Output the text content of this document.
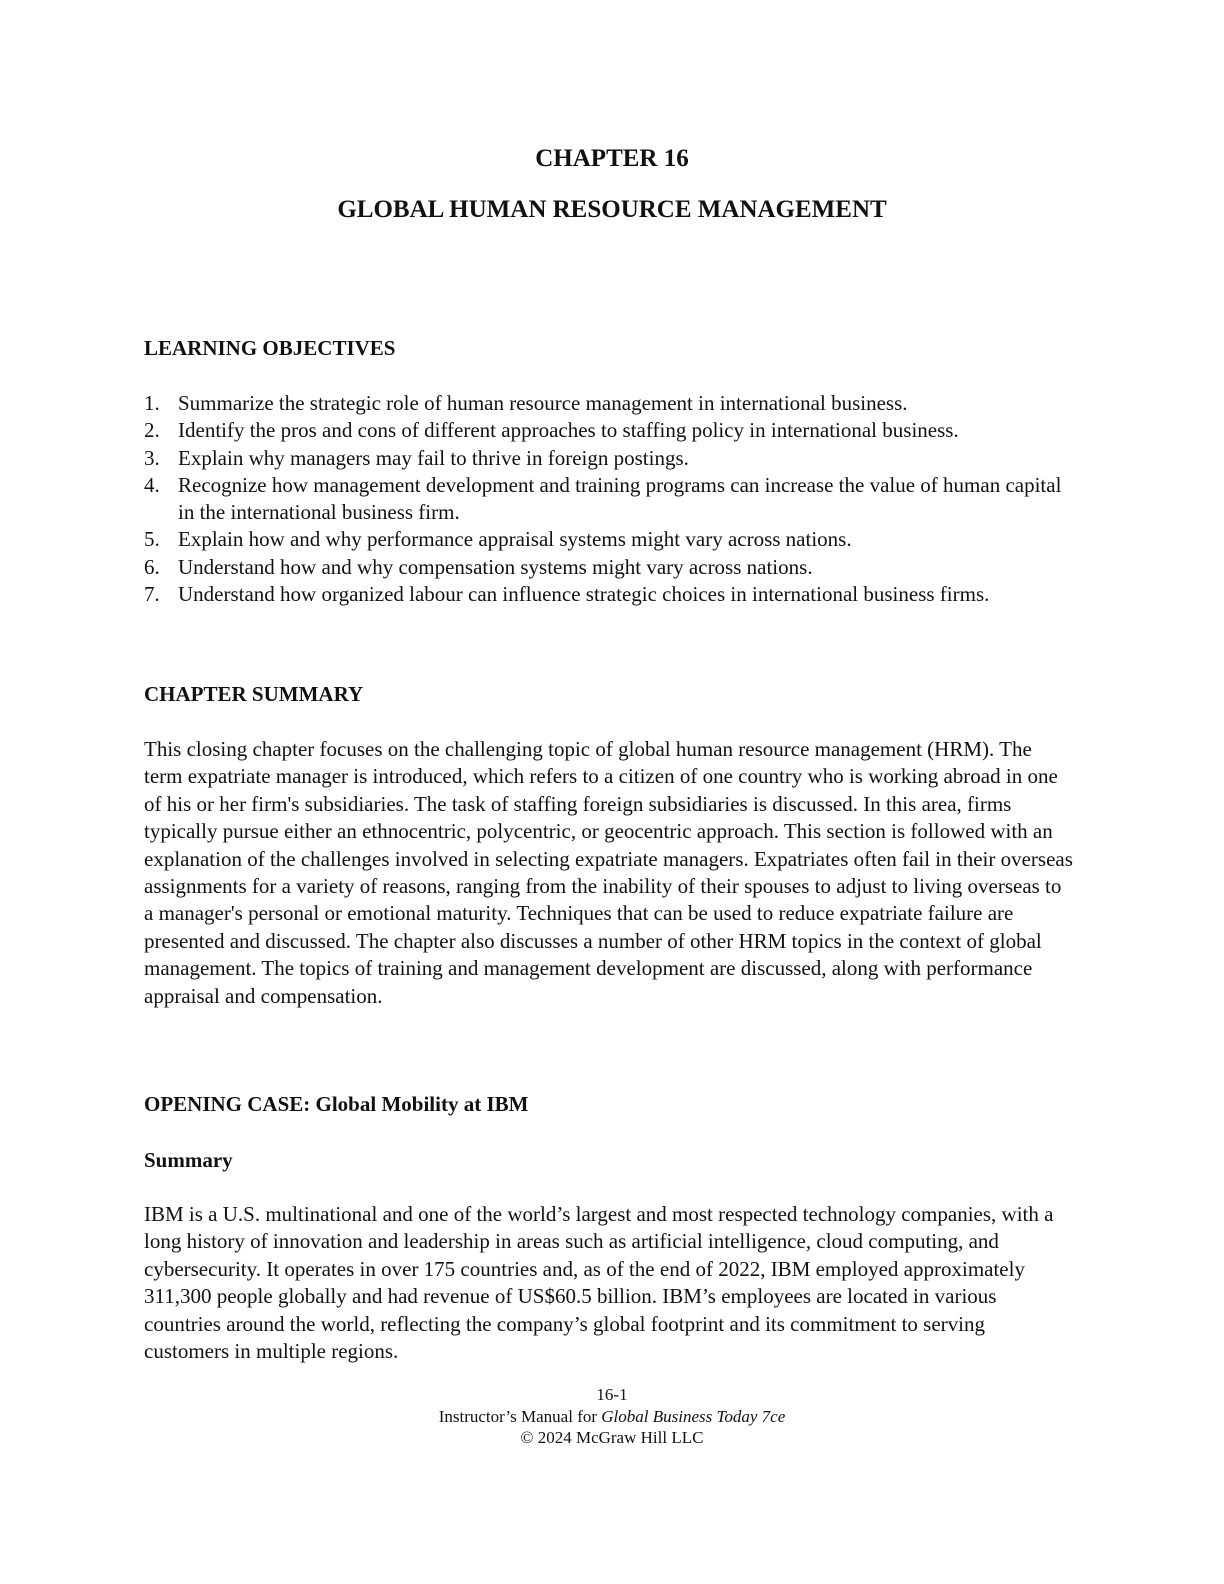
CHAPTER 16
GLOBAL HUMAN RESOURCE MANAGEMENT
LEARNING OBJECTIVES
1. Summarize the strategic role of human resource management in international business.
2. Identify the pros and cons of different approaches to staffing policy in international business.
3. Explain why managers may fail to thrive in foreign postings.
4. Recognize how management development and training programs can increase the value of human capital in the international business firm.
5. Explain how and why performance appraisal systems might vary across nations.
6. Understand how and why compensation systems might vary across nations.
7. Understand how organized labour can influence strategic choices in international business firms.
CHAPTER SUMMARY

This closing chapter focuses on the challenging topic of global human resource management (HRM). The term expatriate manager is introduced, which refers to a citizen of one country who is working abroad in one of his or her firm's subsidiaries. The task of staffing foreign subsidiaries is discussed. In this area, firms typically pursue either an ethnocentric, polycentric, or geocentric approach. This section is followed with an explanation of the challenges involved in selecting expatriate managers. Expatriates often fail in their overseas assignments for a variety of reasons, ranging from the inability of their spouses to adjust to living overseas to a manager's personal or emotional maturity. Techniques that can be used to reduce expatriate failure are presented and discussed. The chapter also discusses a number of other HRM topics in the context of global management. The topics of training and management development are discussed, along with performance appraisal and compensation.

OPENING CASE: Global Mobility at IBM
Summary

IBM is a U.S. multinational and one of the world’s largest and most respected technology companies, with a long history of innovation and leadership in areas such as artificial intelligence, cloud computing, and cybersecurity. It operates in over 175 countries and, as of the end of 2022, IBM employed approximately 311,300 people globally and had revenue of US$60.5 billion. IBM’s employees are located in various countries around the world, reflecting the company’s global footprint and its commitment to serving customers in multiple regions.

16-1
Instructor’s Manual for Global Business Today 7ce
© 2024 McGraw Hill LLC
